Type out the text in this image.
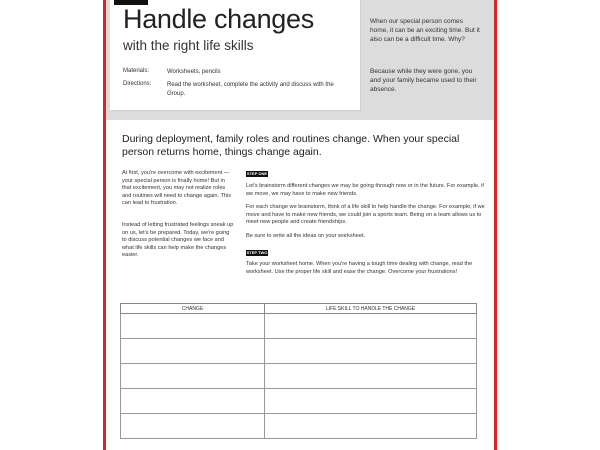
Handle changes
with the right life skills
Materials:	Worksheets, pencils
Directions:	Read the worksheet, complete the activity and discuss with the Group.
When our special person comes home, it can be an exciting time. But it also can be a difficult time. Why?
Because while they were gone, you and your family became used to their absence.
During deployment, family roles and routines change. When your special person returns home, things change again.
At first, you're overcome with excitement — your special person is finally home! But in that excitement, you may not realize roles and routines will need to change again. This can lead to frustration.
Instead of letting frustrated feelings sneak up on us, let's be prepared. Today, we're going to discuss potential changes we face and what life skills can help make the changes easier.
STEP ONE
Let's brainstorm different changes we may be going through now or in the future. For example, if we move, we may have to make new friends.
For each change we brainstorm, think of a life skill to help handle the change. For example, if we move and have to make new friends, we could join a sports team. Being on a team allows us to meet new people and create friendships.
Be sure to write all the ideas on your worksheet.
STEP TWO
Take your worksheet home. When you're having a tough time dealing with change, read the worksheet. Use the proper life skill and ease the change. Overcome your frustrations!
CHANGE	LIFE SKILL TO HANDLE THE CHANGE
